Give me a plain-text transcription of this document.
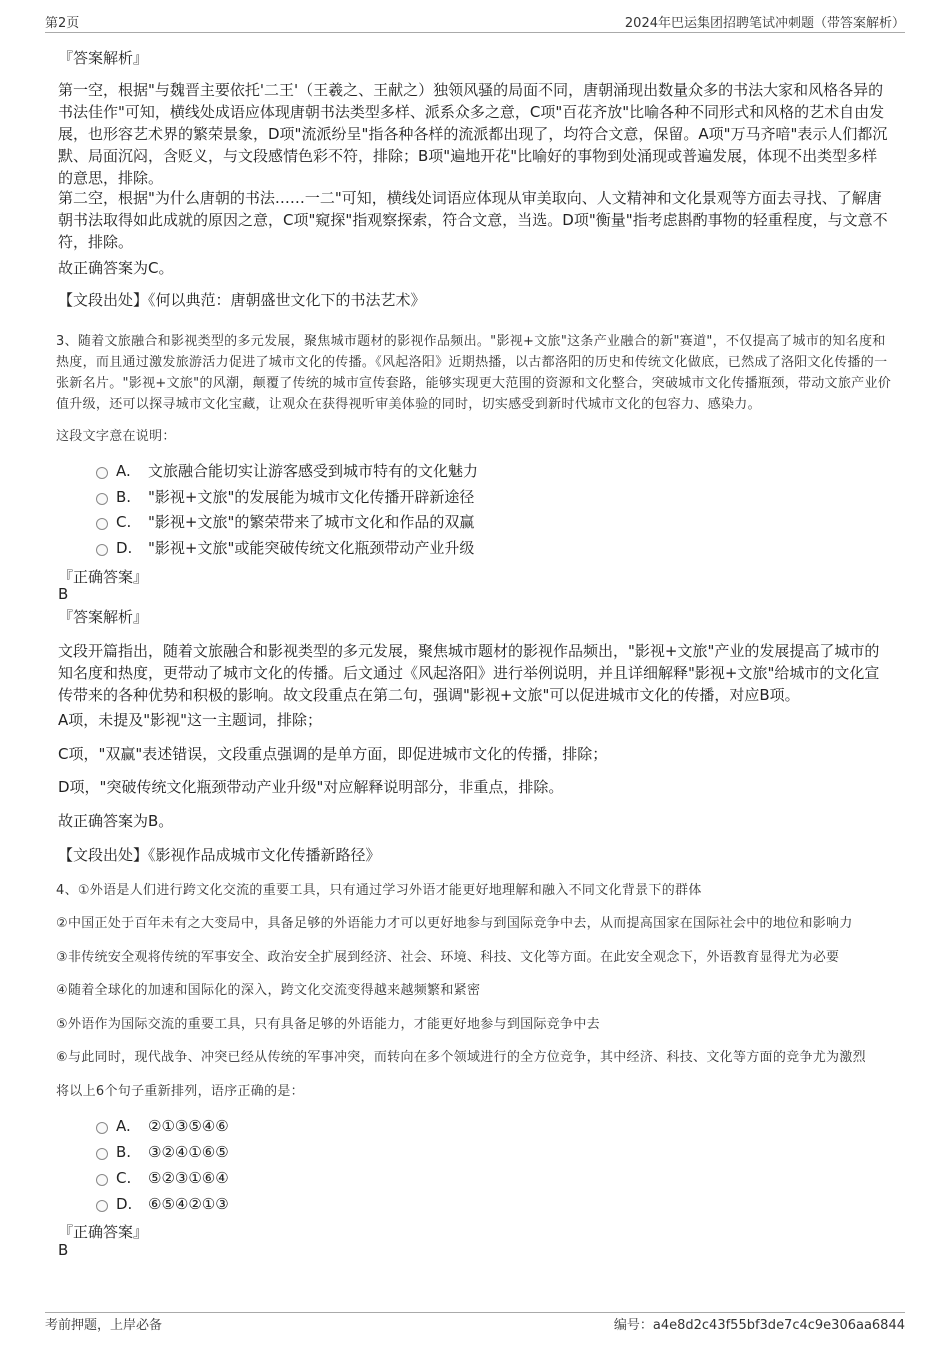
第2页	2024年巴运集团招聘笔试冲刺题（带答案解析）
『答案解析』
第一空，根据"与魏晋主要依托'二王'（王羲之、王献之）独领风骚的局面不同，唐朝涌现出数量众多的书法大家和风格各异的书法佳作"可知，横线处成语应体现唐朝书法类型多样、派系众多之意，C项"百花齐放"比喻各种不同形式和风格的艺术自由发展，也形容艺术界的繁荣景象，D项"流派纷呈"指各种各样的流派都出现了，均符合文意，保留。A项"万马齐喑"表示人们都沉默、局面沉闷，含贬义，与文段感情色彩不符，排除；B项"遍地开花"比喻好的事物到处涌现或普遍发展，体现不出类型多样的意思，排除。
第二空，根据"为什么唐朝的书法……一二"可知，横线处词语应体现从审美取向、人文精神和文化景观等方面去寻找、了解唐朝书法取得如此成就的原因之意，C项"窥探"指观察探索，符合文意，当选。D项"衡量"指考虑斟酌事物的轻重程度，与文意不符，排除。
故正确答案为C。
【文段出处】《何以典范：唐朝盛世文化下的书法艺术》
3、随着文旅融合和影视类型的多元发展，聚焦城市题材的影视作品频出。"影视+文旅"这条产业融合的新"赛道"，不仅提高了城市的知名度和热度，而且通过激发旅游活力促进了城市文化的传播。《风起洛阳》近期热播，以古都洛阳的历史和传统文化做底，已然成了洛阳文化传播的一张新名片。"影视+文旅"的风潮，颠覆了传统的城市宣传套路，能够实现更大范围的资源和文化整合，突破城市文化传播瓶颈，带动文旅产业价值升级，还可以探寻城市文化宝藏，让观众在获得视听审美体验的同时，切实感受到新时代城市文化的包容力、感染力。
这段文字意在说明：
A.	文旅融合能切实让游客感受到城市特有的文化魅力
B.	"影视+文旅"的发展能为城市文化传播开辟新途径
C.	"影视+文旅"的繁荣带来了城市文化和作品的双赢
D.	"影视+文旅"或能突破传统文化瓶颈带动产业升级
『正确答案』
B
『答案解析』
文段开篇指出，随着文旅融合和影视类型的多元发展，聚焦城市题材的影视作品频出，"影视+文旅"产业的发展提高了城市的知名度和热度，更带动了城市文化的传播。后文通过《风起洛阳》进行举例说明，并且详细解释"影视+文旅"给城市的文化宣传带来的各种优势和积极的影响。故文段重点在第二句，强调"影视+文旅"可以促进城市文化的传播，对应B项。
A项，未提及"影视"这一主题词，排除；
C项，"双赢"表述错误，文段重点强调的是单方面，即促进城市文化的传播，排除；
D项，"突破传统文化瓶颈带动产业升级"对应解释说明部分，非重点，排除。
故正确答案为B。
【文段出处】《影视作品成城市文化传播新路径》
4、①外语是人们进行跨文化交流的重要工具，只有通过学习外语才能更好地理解和融入不同文化背景下的群体
②中国正处于百年未有之大变局中，具备足够的外语能力才可以更好地参与到国际竞争中去，从而提高国家在国际社会中的地位和影响力
③非传统安全观将传统的军事安全、政治安全扩展到经济、社会、环境、科技、文化等方面。在此安全观念下，外语教育显得尤为必要
④随着全球化的加速和国际化的深入，跨文化交流变得越来越频繁和紧密
⑤外语作为国际交流的重要工具，只有具备足够的外语能力，才能更好地参与到国际竞争中去
⑥与此同时，现代战争、冲突已经从传统的军事冲突，而转向在多个领域进行的全方位竞争，其中经济、科技、文化等方面的竞争尤为激烈
将以上6个句子重新排列，语序正确的是：
A.	②①③⑤④⑥
B.	③②④①⑥⑤
C.	⑤②③①⑥④
D.	⑥⑤④②①③
『正确答案』
B
考前押题，上岸必备	编号：a4e8d2c43f55bf3de7c4c9e306aa6844
